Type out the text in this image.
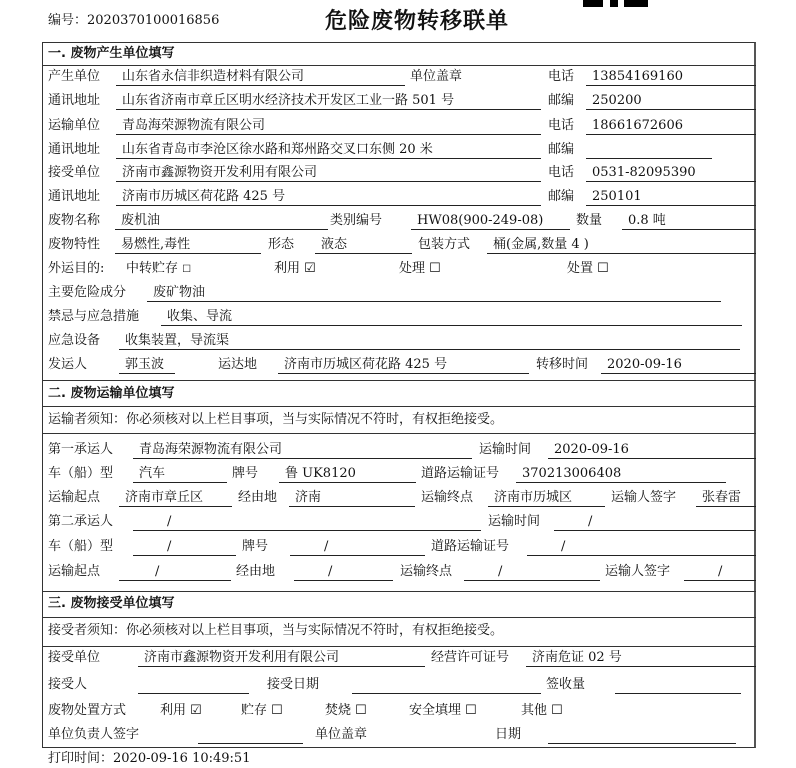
编号：2020370100016856	危险废物转移联单
一. 废物产生单位填写
产生单位	山东省永信非织造材料有限公司	单位盖章	电话	13854169160
通讯地址	山东省济南市章丘区明水经济技术开发区工业一路 501 号	邮编	250200
运输单位	青岛海荣源物流有限公司	电话	18661672606
通讯地址	山东省青岛市李沧区徐水路和郑州路交叉口东侧 20 米	邮编
接受单位	济南市鑫源物资开发利用有限公司	电话	0531-82095390
通讯地址	济南市历城区荷花路 425 号	邮编	250101
废物名称	废机油	类别编号	HW08(900-249-08)	数量	0.8 吨
废物特性	易燃性,毒性	形态	液态	包装方式	桶(金属,数量 4 )
外运目的: 中转贮存 ☐	利用 ☑	处理 ☐	处置 ☐
主要危险成分	废矿物油
禁忌与应急措施	收集、导流
应急设备	收集装置，导流渠
发运人	郭玉波	运达地	济南市历城区荷花路 425 号	转移时间	2020-09-16
二. 废物运输单位填写
运输者须知：你必须核对以上栏目事项，当与实际情况不符时，有权拒绝接受。
第一承运人	青岛海荣源物流有限公司	运输时间	2020-09-16
车（船）型	汽车	牌号	鲁 UK8120	道路运输证号	370213006408
运输起点	济南市章丘区	经由地	济南	运输终点	济南市历城区	运输人签字	张春雷
第二承运人	/	运输时间	/
车（船）型	/	牌号	/	道路运输证号	/
运输起点	/	经由地	/	运输终点	/	运输人签字	/
三. 废物接受单位填写
接受者须知：你必须核对以上栏目事项，当与实际情况不符时，有权拒绝接受。
接受单位	济南市鑫源物资开发利用有限公司	经营许可证号	济南危证 02 号
接受人	接受日期	签收量
废物处置方式	利用 ☑	贮存 ☐	焚烧 ☐	安全填埋 ☐	其他 ☐
单位负责人签字	单位盖章	日期
打印时间：2020-09-16 10:49:51
